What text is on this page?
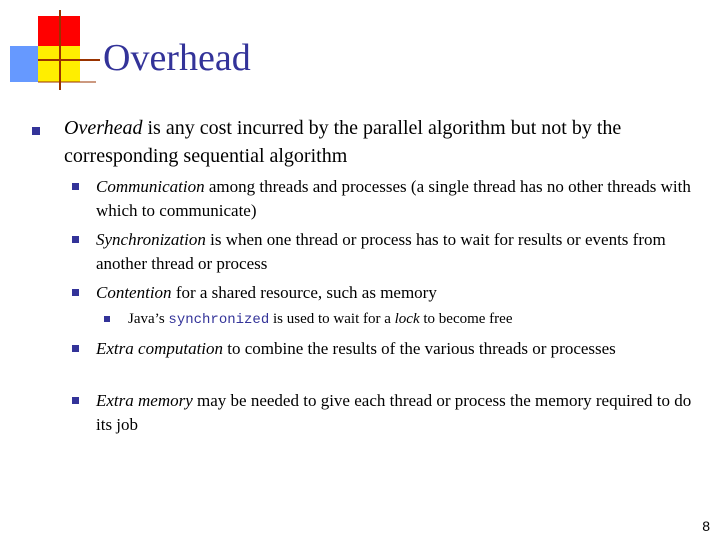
Overhead
Overhead is any cost incurred by the parallel algorithm but not by the corresponding sequential algorithm
Communication among threads and processes (a single thread has no other threads with which to communicate)
Synchronization is when one thread or process has to wait for results or events from another thread or process
Contention for a shared resource, such as memory
Java’s synchronized is used to wait for a lock to become free
Extra computation to combine the results of the various threads or processes
Extra memory may be needed to give each thread or process the memory required to do its job
8
